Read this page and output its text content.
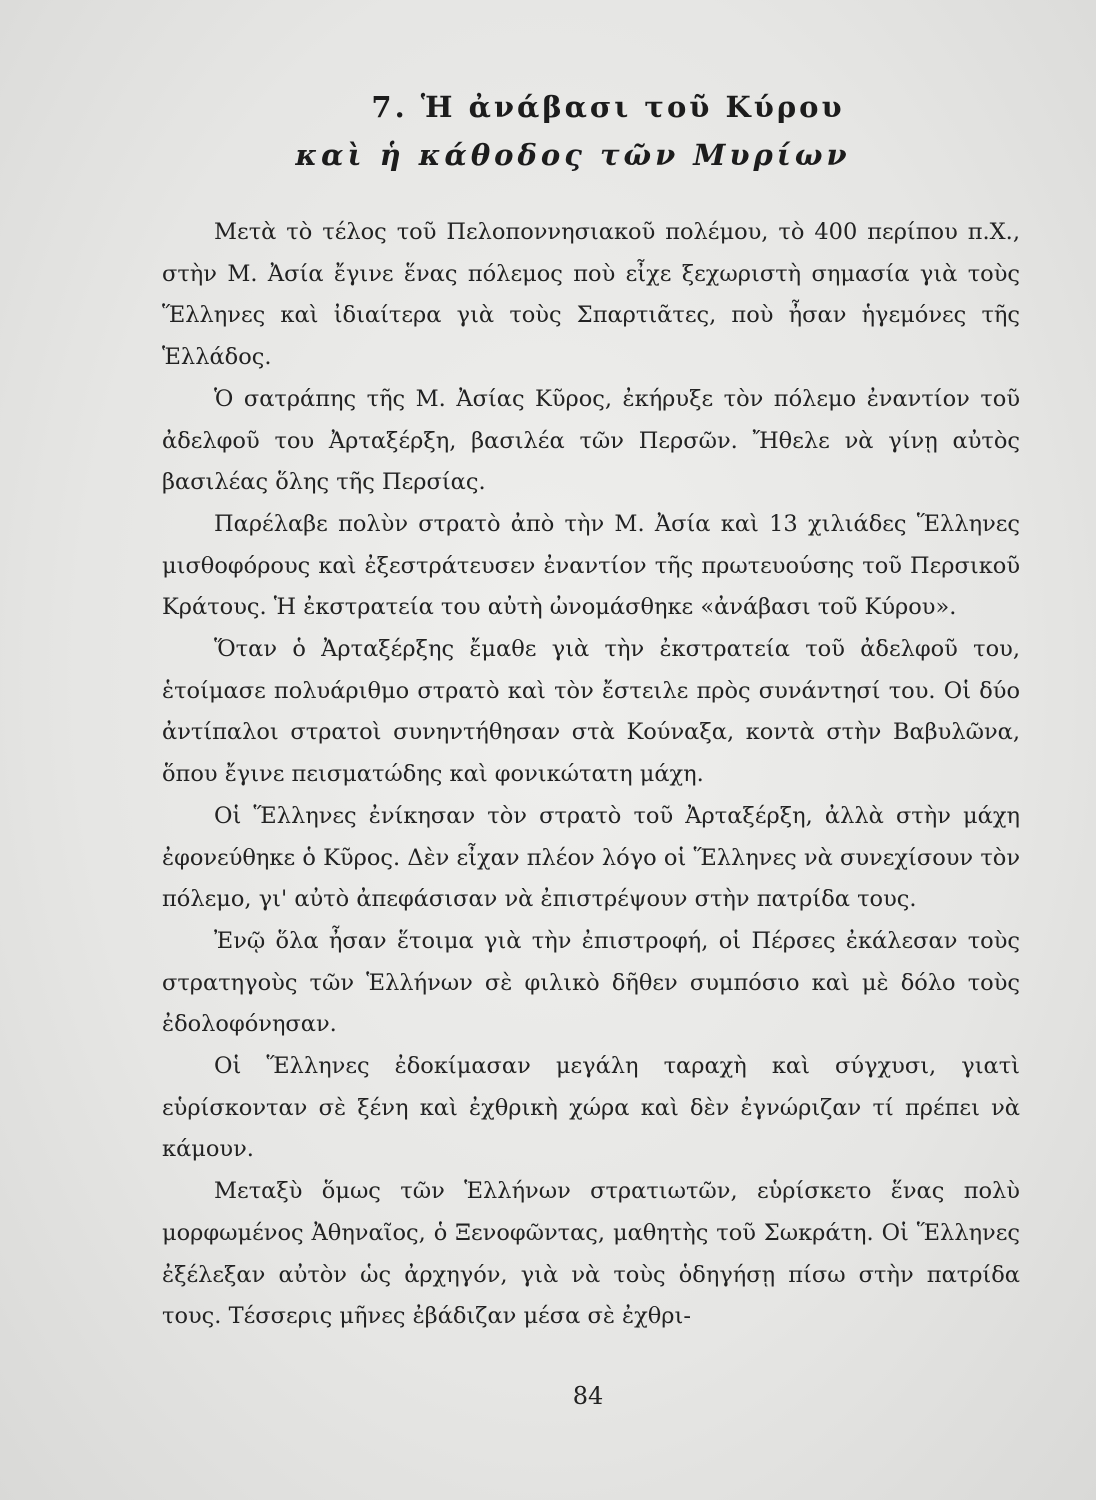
7. Ἡ ἀνάβασι τοῦ Κύρου
καὶ ἡ κάθοδος τῶν Μυρίων

Μετὰ τὸ τέλος τοῦ Πελοποννησιακοῦ πολέμου, τὸ 400 περίπου π.Χ., στὴν Μ. Ἀσία ἔγινε ἕνας πόλεμος ποὺ εἶχε ξεχωριστὴ σημασία γιὰ τοὺς Ἕλληνες καὶ ἰδιαίτερα γιὰ τοὺς Σπαρτιᾶτες, ποὺ ἦσαν ἡγεμόνες τῆς Ἑλλάδος.

Ὁ σατράπης τῆς Μ. Ἀσίας Κῦρος, ἐκήρυξε τὸν πόλεμο ἐναντίον τοῦ ἀδελφοῦ του Ἀρταξέρξη, βασιλέα τῶν Περσῶν. Ἤθελε νὰ γίνῃ αὐτὸς βασιλέας ὅλης τῆς Περσίας.

Παρέλαβε πολὺν στρατὸ ἀπὸ τὴν Μ. Ἀσία καὶ 13 χιλιάδες Ἕλληνες μισθοφόρους καὶ ἐξεστράτευσεν ἐναντίον τῆς πρωτευούσης τοῦ Περσικοῦ Κράτους. Ἡ ἐκστρατεία του αὐτὴ ὠνομάσθηκε «ἀνάβασι τοῦ Κύρου».

Ὅταν ὁ Ἀρταξέρξης ἔμαθε γιὰ τὴν ἐκστρατεία τοῦ ἀδελφοῦ του, ἑτοίμασε πολυάριθμο στρατὸ καὶ τὸν ἔστειλε πρὸς συνάντησί του. Οἱ δύο ἀντίπαλοι στρατοὶ συνηντήθησαν στὰ Κούναξα, κοντὰ στὴν Βαβυλῶνα, ὅπου ἔγινε πεισματώδης καὶ φονικώτατη μάχη.

Οἱ Ἕλληνες ἐνίκησαν τὸν στρατὸ τοῦ Ἀρταξέρξη, ἀλλὰ στὴν μάχη ἐφονεύθηκε ὁ Κῦρος. Δὲν εἶχαν πλέον λόγο οἱ Ἕλληνες νὰ συνεχίσουν τὸν πόλεμο, γι' αὐτὸ ἀπεφάσισαν νὰ ἐπιστρέψουν στὴν πατρίδα τους.

Ἐνῷ ὅλα ἦσαν ἕτοιμα γιὰ τὴν ἐπιστροφή, οἱ Πέρσες ἐκάλεσαν τοὺς στρατηγοὺς τῶν Ἑλλήνων σὲ φιλικὸ δῆθεν συμπόσιο καὶ μὲ δόλο τοὺς ἐδολοφόνησαν.

Οἱ Ἕλληνες ἐδοκίμασαν μεγάλη ταραχὴ καὶ σύγχυσι, γιατὶ εὑρίσκονταν σὲ ξένη καὶ ἐχθρικὴ χώρα καὶ δὲν ἐγνώριζαν τί πρέπει νὰ κάμουν.

Μεταξὺ ὅμως τῶν Ἑλλήνων στρατιωτῶν, εὑρίσκετο ἕνας πολὺ μορφωμένος Ἀθηναῖος, ὁ Ξενοφῶντας, μαθητὴς τοῦ Σωκράτη. Οἱ Ἕλληνες ἐξέλεξαν αὐτὸν ὡς ἀρχηγόν, γιὰ νὰ τοὺς ὁδηγήσῃ πίσω στὴν πατρίδα τους. Τέσσερις μῆνες ἐβάδιζαν μέσα σὲ ἐχθρι-

84
